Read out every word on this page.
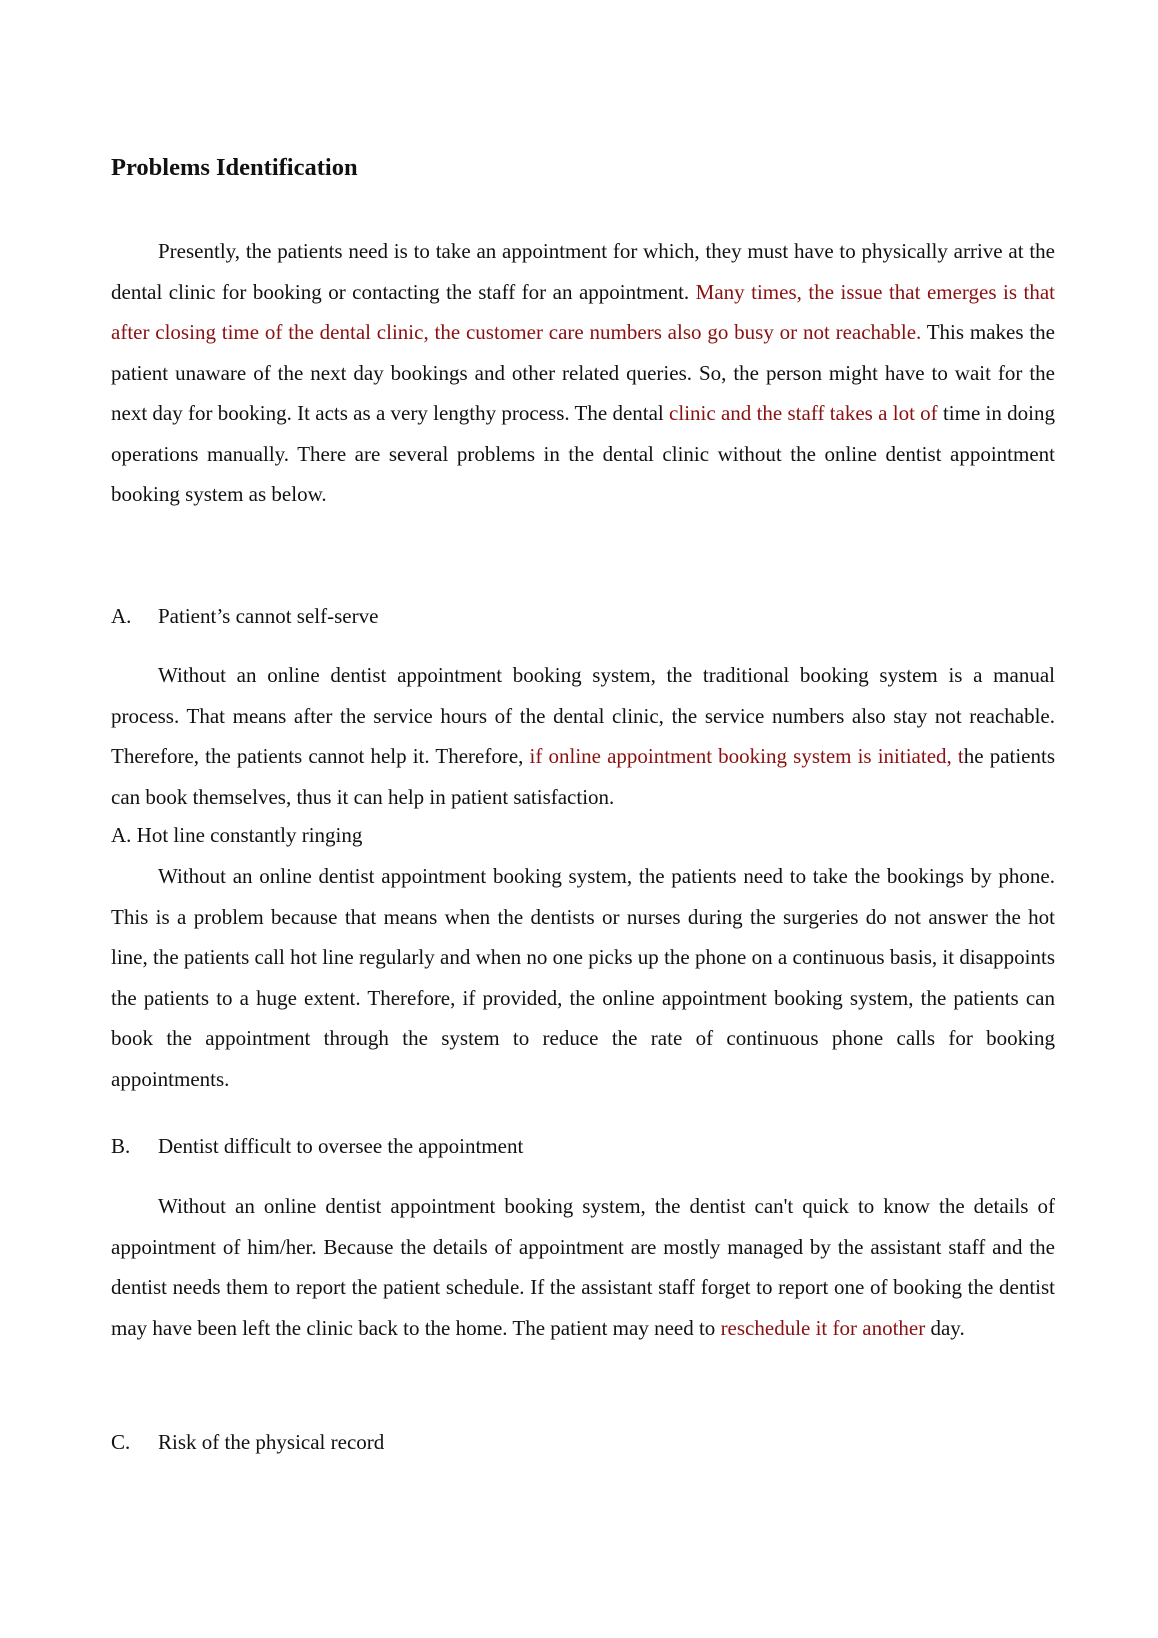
Problems Identification

Presently, the patients need is to take an appointment for which, they must have to physically arrive at the dental clinic for booking or contacting the staff for an appointment. Many times, the issue that emerges is that after closing time of the dental clinic, the customer care numbers also go busy or not reachable. This makes the patient unaware of the next day bookings and other related queries. So, the person might have to wait for the next day for booking. It acts as a very lengthy process. The dental clinic and the staff takes a lot of time in doing operations manually. There are several problems in the dental clinic without the online dentist appointment booking system as below.

A. Patient’s cannot self-serve

Without an online dentist appointment booking system, the traditional booking system is a manual process. That means after the service hours of the dental clinic, the service numbers also stay not reachable. Therefore, the patients cannot help it. Therefore, if online appointment booking system is initiated, the patients can book themselves, thus it can help in patient satisfaction.

A. Hot line constantly ringing

Without an online dentist appointment booking system, the patients need to take the bookings by phone. This is a problem because that means when the dentists or nurses during the surgeries do not answer the hot line, the patients call hot line regularly and when no one picks up the phone on a continuous basis, it disappoints the patients to a huge extent. Therefore, if provided, the online appointment booking system, the patients can book the appointment through the system to reduce the rate of continuous phone calls for booking appointments.

B. Dentist difficult to oversee the appointment

Without an online dentist appointment booking system, the dentist can't quick to know the details of appointment of him/her. Because the details of appointment are mostly managed by the assistant staff and the dentist needs them to report the patient schedule. If the assistant staff forget to report one of booking the dentist may have been left the clinic back to the home. The patient may need to reschedule it for another day.

C. Risk of the physical record
